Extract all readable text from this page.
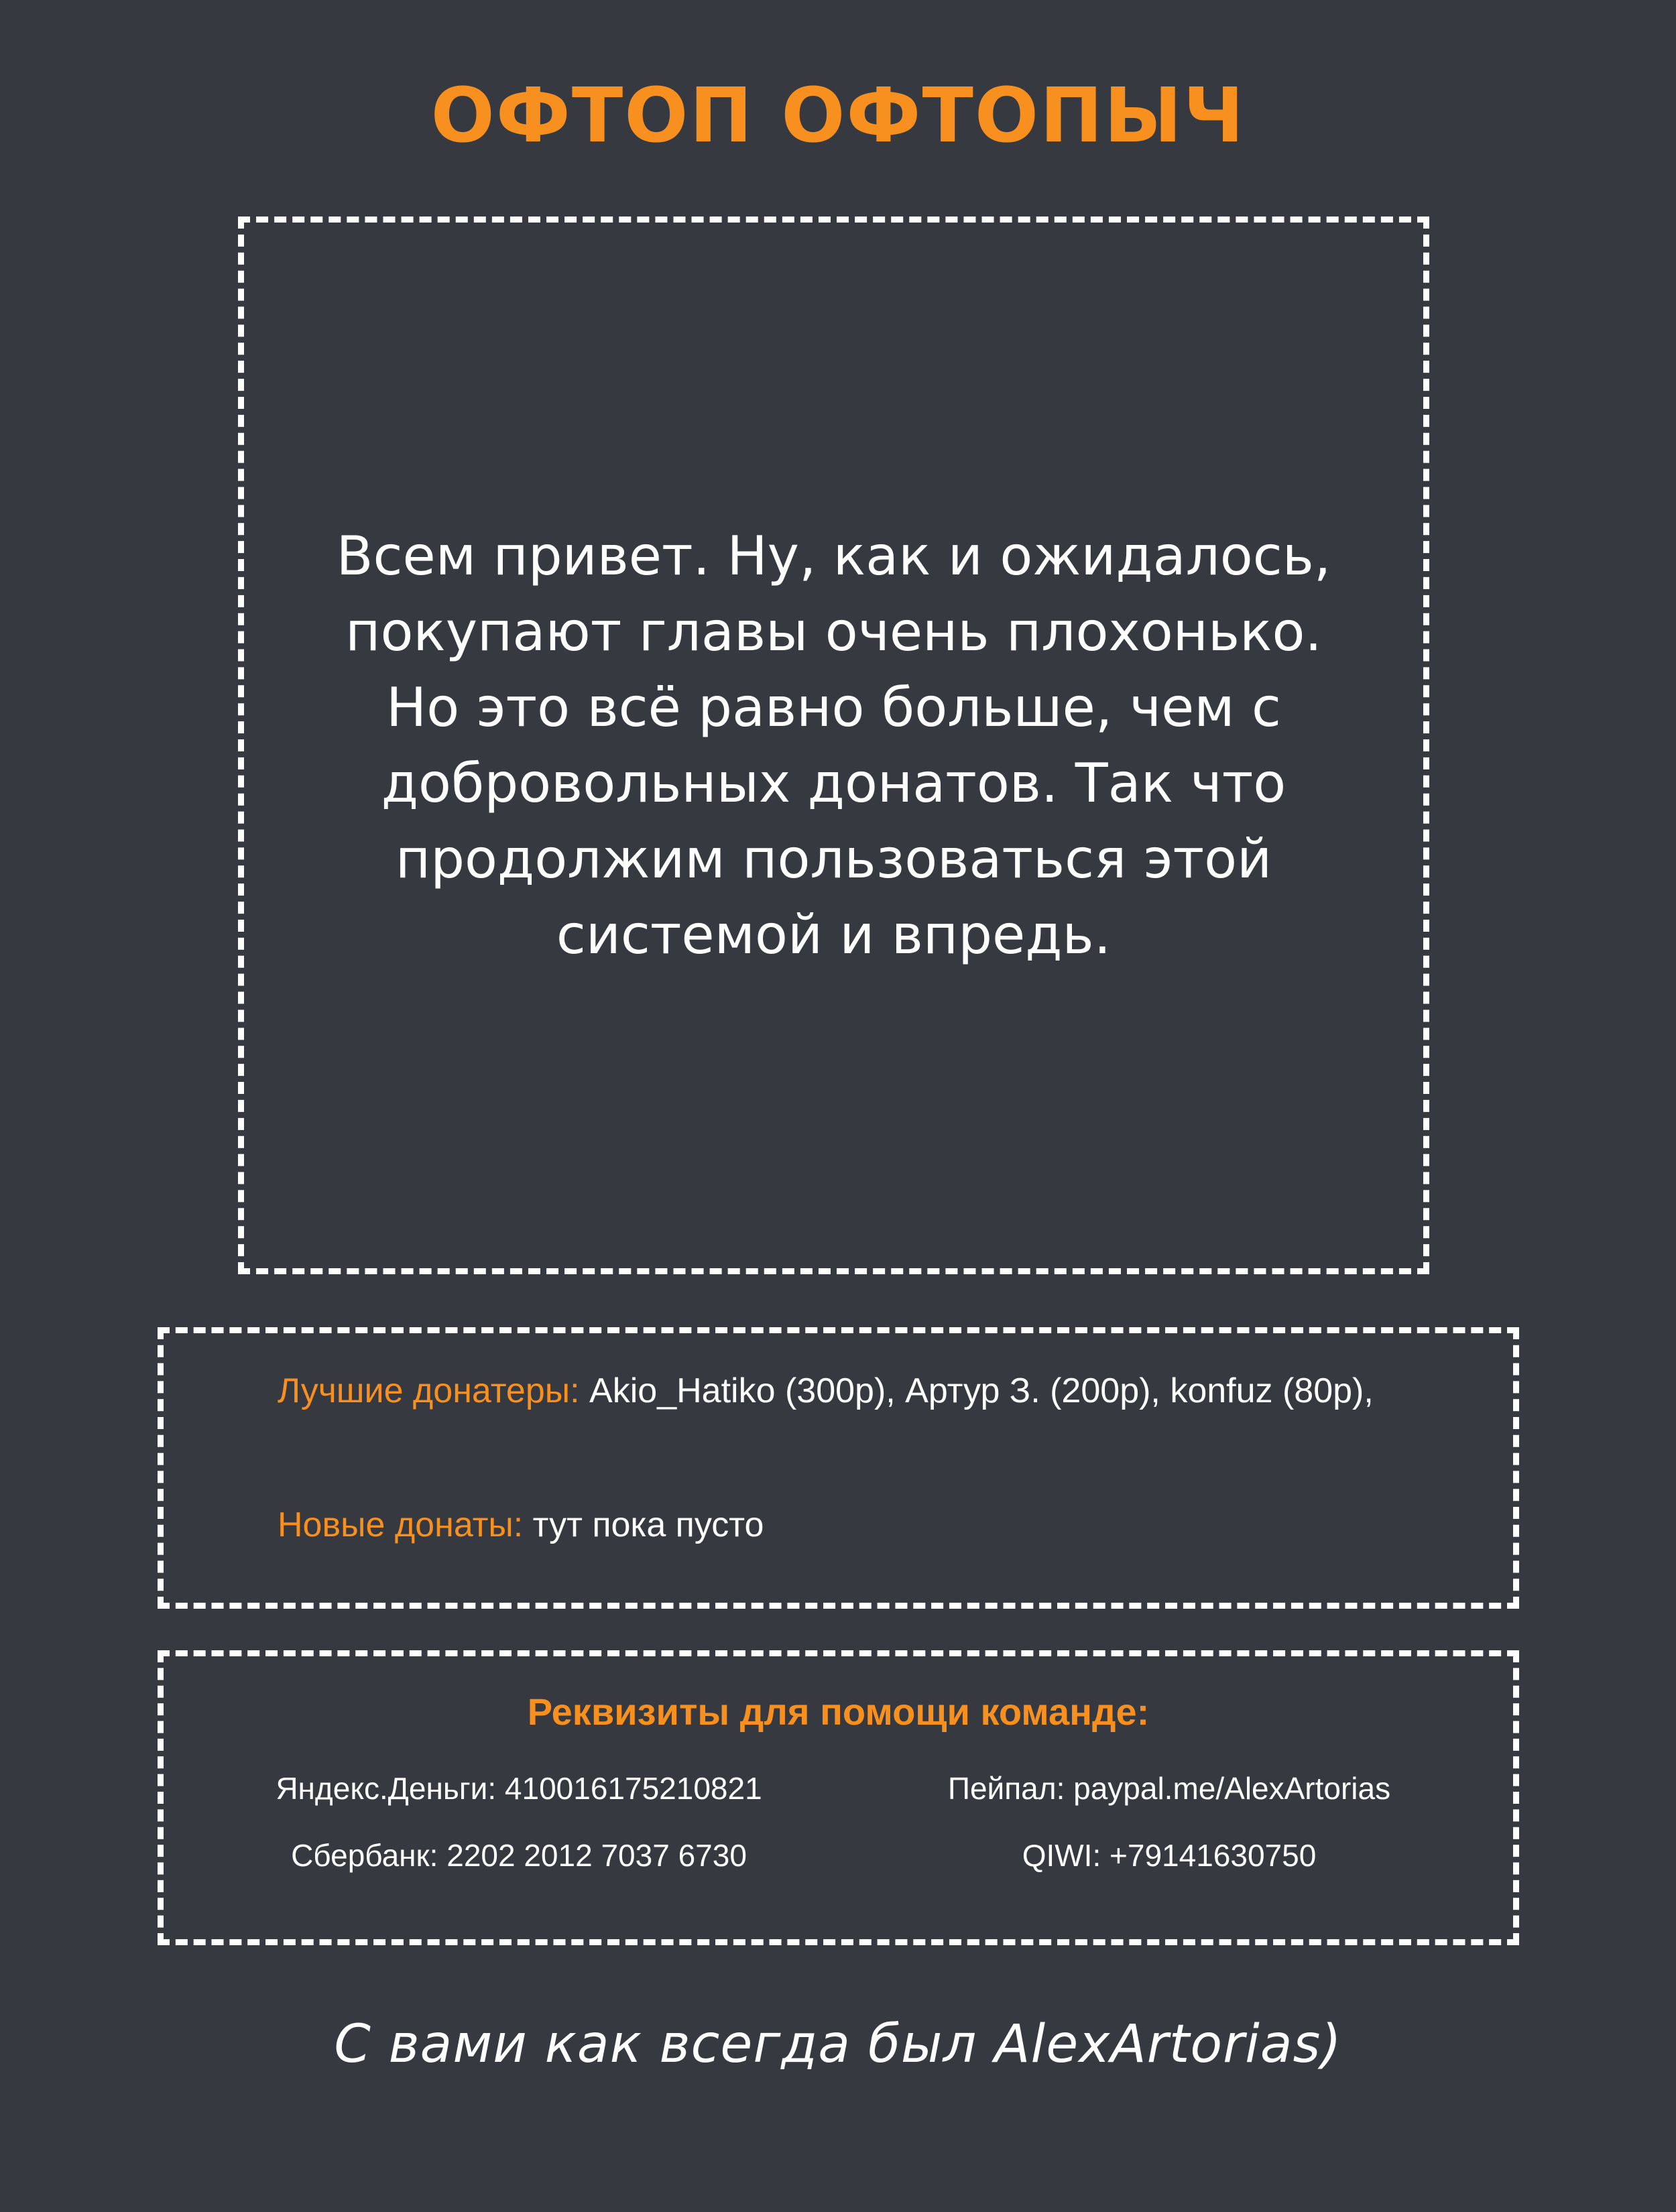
ОФТОП ОФТОПЫЧ
Всем привет. Ну, как и ожидалось,
покупают главы очень плохонько.
Но это всё равно больше, чем с
добровольных донатов. Так что
продолжим пользоваться этой
системой и впредь.
Лучшие донатеры: Akio_Hatiko (300р), Артур З. (200р), konfuz (80р),
Новые донаты: тут пока пусто
Реквизиты для помощи команде:
Яндекс.Деньги: 410016175210821	Пейпал: paypal.me/AlexArtorias
Сбербанк: 2202 2012 7037 6730	QIWI: +79141630750
С вами как всегда был AlexArtorias)
